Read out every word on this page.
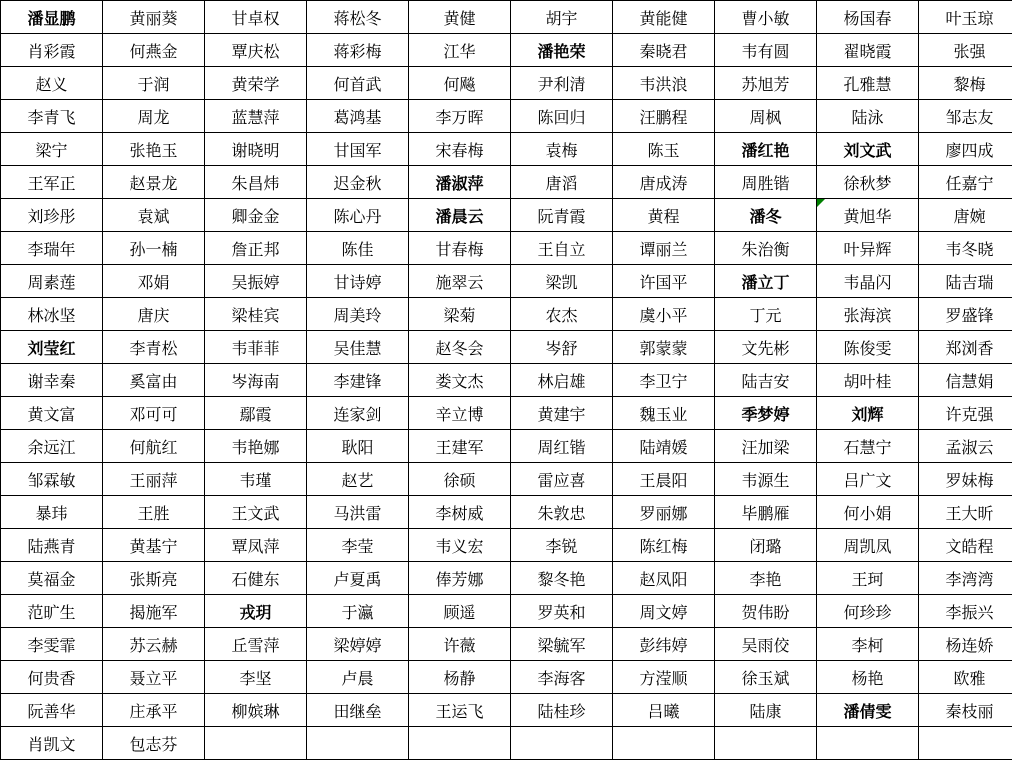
潘显鹏	黄丽葵	甘卓权	蒋松冬	黄健	胡宇	黄能健	曹小敏	杨国春	叶玉琼
肖彩霞	何燕金	覃庆松	蒋彩梅	江华	潘艳荣	秦晓君	韦有圆	翟晓霞	张强
赵义	于润	黄荣学	何首武	何飚	尹利清	韦洪浪	苏旭芳	孔雅慧	黎梅
李青飞	周龙	蓝慧萍	葛鸿基	李万晖	陈回归	汪鹏程	周枫	陆泳	邹志友
梁宁	张艳玉	谢晓明	甘国军	宋春梅	袁梅	陈玉	潘红艳	刘文武	廖四成
王军正	赵景龙	朱昌炜	迟金秋	潘淑萍	唐滔	唐成涛	周胜锴	徐秋梦	任嘉宁
刘珍彤	袁斌	卿金金	陈心丹	潘晨云	阮青霞	黄程	潘冬	黄旭华	唐婉
李瑞年	孙一楠	詹正邦	陈佳	甘春梅	王自立	谭丽兰	朱治衡	叶异辉	韦冬晓
周素莲	邓娟	吴振婷	甘诗婷	施翠云	梁凯	许国平	潘立丁	韦晶闪	陆吉瑞
林冰坚	唐庆	梁桂宾	周美玲	梁菊	农杰	虞小平	丁元	张海滨	罗盛锋
刘莹红	李青松	韦菲菲	吴佳慧	赵冬会	岑舒	郭蒙蒙	文先彬	陈俊雯	郑浏香
谢幸秦	奚富由	岑海南	李建锋	娄文杰	林启雄	李卫宁	陆吉安	胡叶桂	信慧娟
黄文富	邓可可	鄢霞	连家剑	辛立博	黄建宇	魏玉业	季梦婷	刘辉	许克强
余远江	何航红	韦艳娜	耿阳	王建军	周红锴	陆靖媛	汪加梁	石慧宁	孟淑云
邹霖敏	王丽萍	韦瑾	赵艺	徐硕	雷应喜	王晨阳	韦源生	吕广文	罗妹梅
暴玮	王胜	王文武	马洪雷	李树威	朱敦忠	罗丽娜	毕鹏雁	何小娟	王大昕
陆燕青	黄基宁	覃凤萍	李莹	韦义宏	李锐	陈红梅	闭璐	周凯凤	文皓程
莫福金	张斯亮	石健东	卢夏禹	俸芳娜	黎冬艳	赵凤阳	李艳	王珂	李湾湾
范旷生	揭施军	戎玥	于瀛	顾遥	罗英和	周文婷	贺伟盼	何珍珍	李振兴
李雯霏	苏云赫	丘雪萍	梁婷婷	许薇	梁毓军	彭纬婷	吴雨佼	李柯	杨连娇
何贵香	聂立平	李坚	卢晨	杨静	李海客	方滢顺	徐玉斌	杨艳	欧雅
阮善华	庄承平	柳嫔琳	田继垒	王运飞	陆桂珍	吕曦	陆康	潘倩雯	秦枝丽
肖凯文	包志芬								
